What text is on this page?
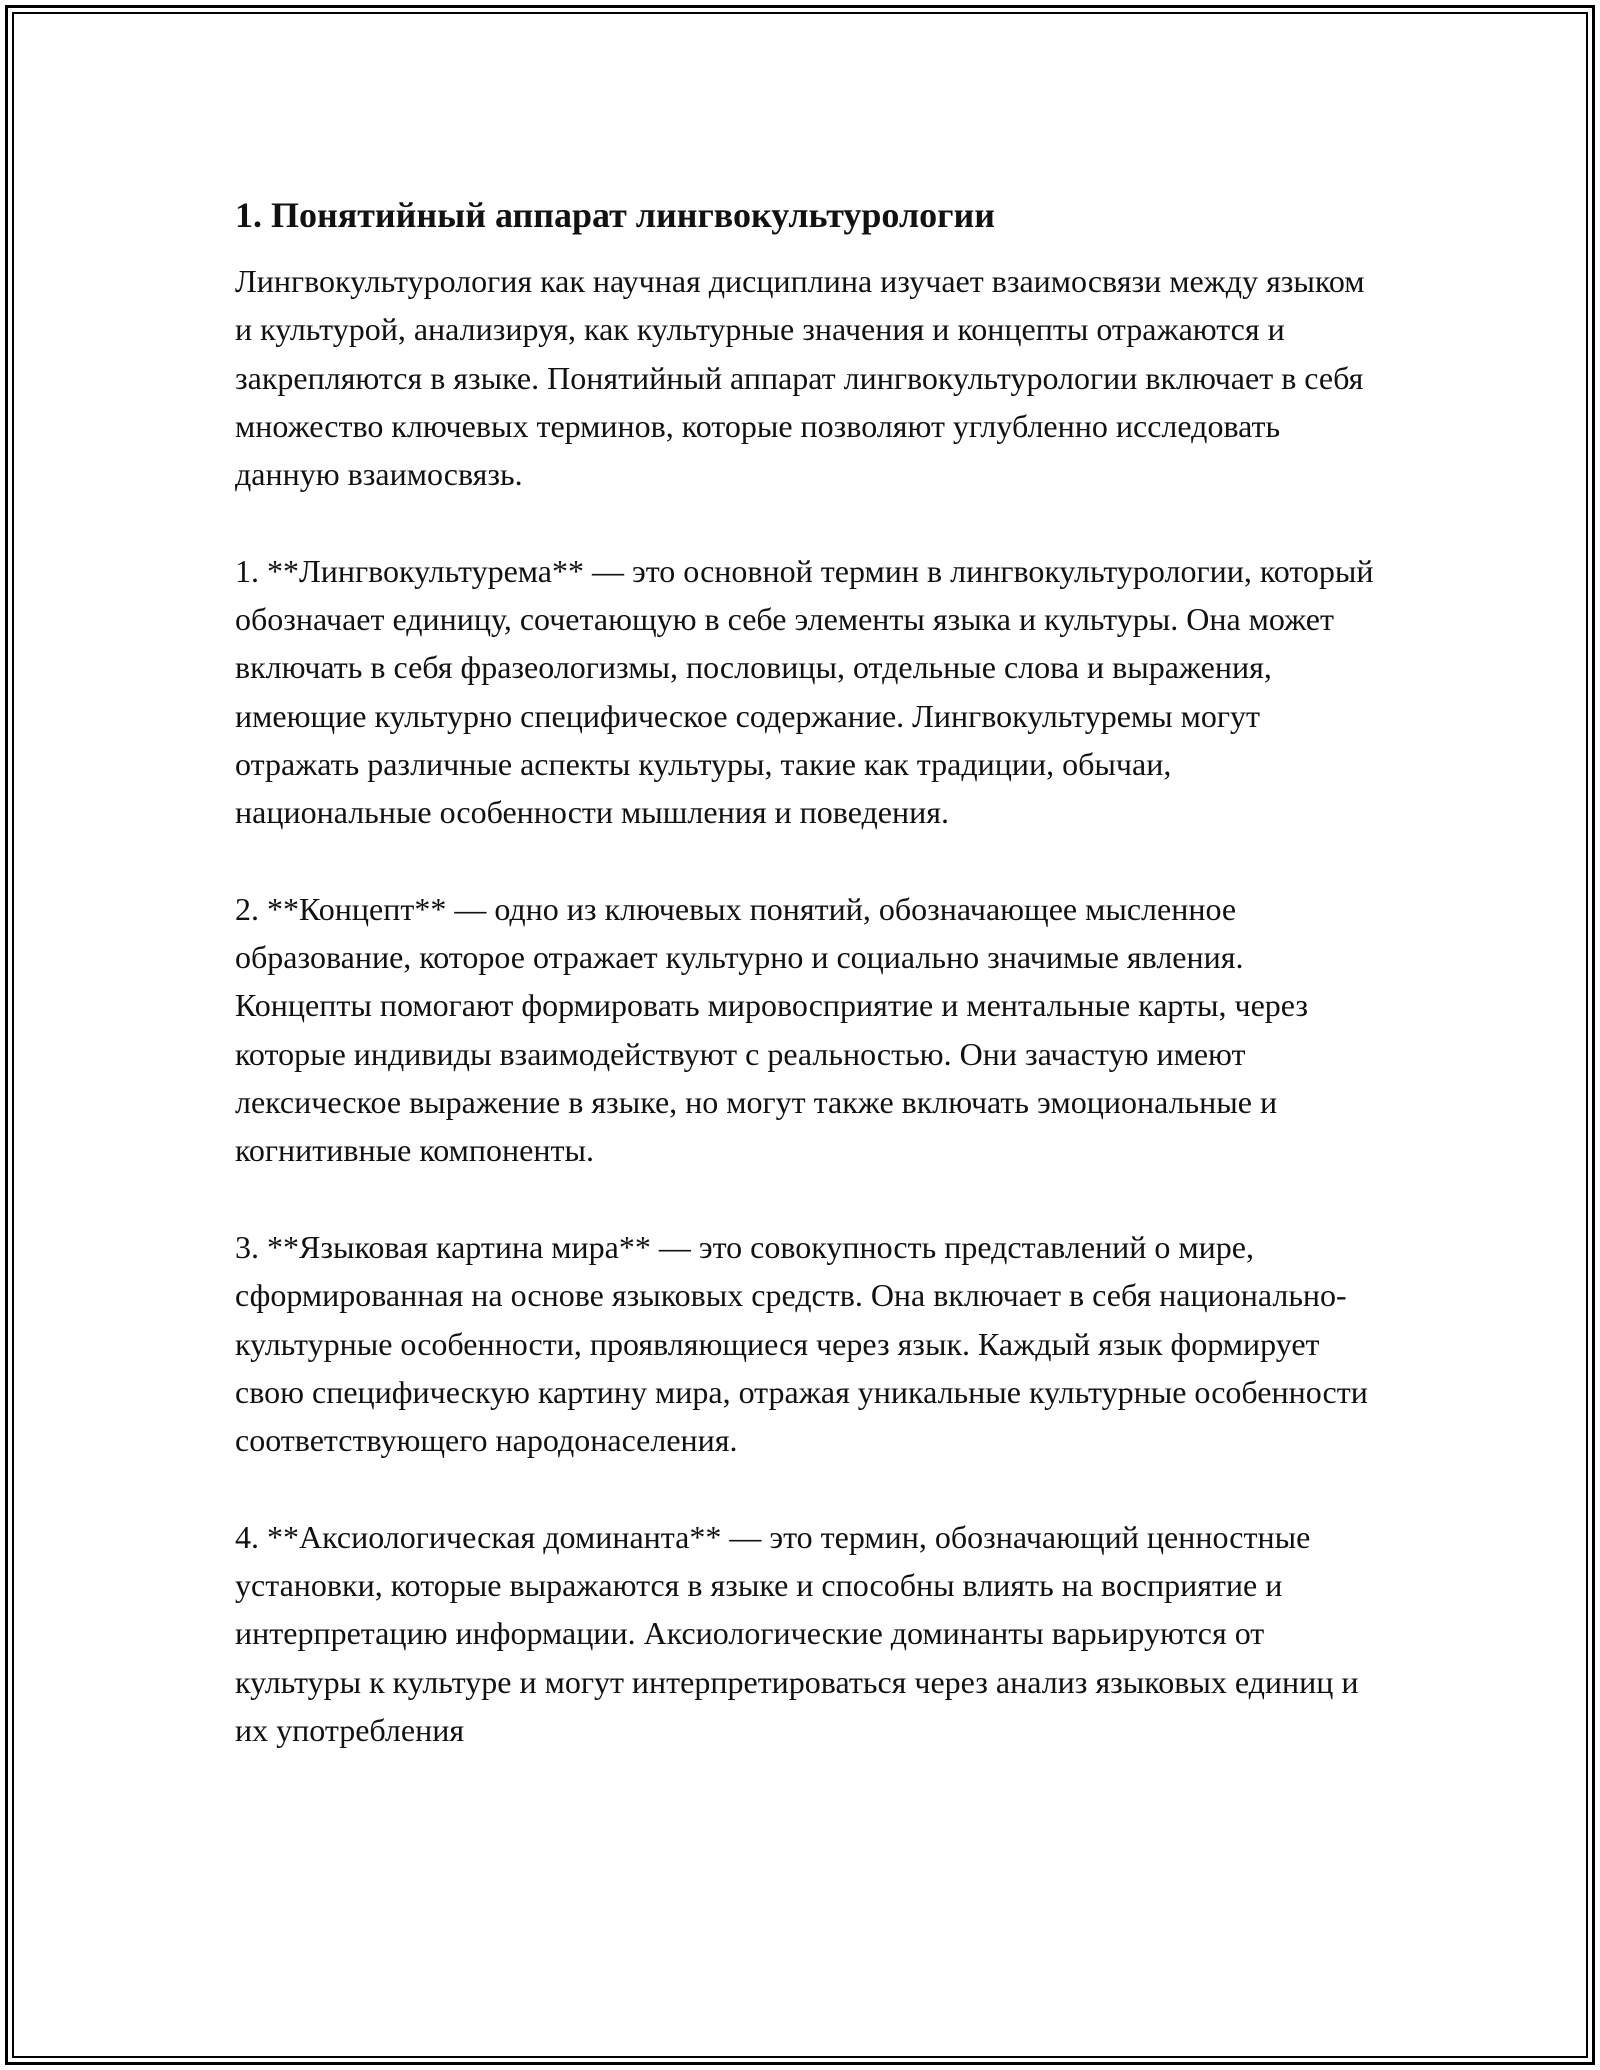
1. Понятийный аппарат лингвокультурологии

Лингвокультурология как научная дисциплина изучает взаимосвязи между языком и культурой, анализируя, как культурные значения и концепты отражаются и закрепляются в языке. Понятийный аппарат лингвокультурологии включает в себя множество ключевых терминов, которые позволяют углубленно исследовать данную взаимосвязь.

1. **Лингвокультурема** — это основной термин в лингвокультурологии, который обозначает единицу, сочетающую в себе элементы языка и культуры. Она может включать в себя фразеологизмы, пословицы, отдельные слова и выражения, имеющие культурно специфическое содержание. Лингвокультуремы могут отражать различные аспекты культуры, такие как традиции, обычаи, национальные особенности мышления и поведения.

2. **Концепт** — одно из ключевых понятий, обозначающее мысленное образование, которое отражает культурно и социально значимые явления. Концепты помогают формировать мировосприятие и ментальные карты, через которые индивиды взаимодействуют с реальностью. Они зачастую имеют лексическое выражение в языке, но могут также включать эмоциональные и когнитивные компоненты.

3. **Языковая картина мира** — это совокупность представлений о мире, сформированная на основе языковых средств. Она включает в себя национально-культурные особенности, проявляющиеся через язык. Каждый язык формирует свою специфическую картину мира, отражая уникальные культурные особенности соответствующего народонаселения.

4. **Аксиологическая доминанта** — это термин, обозначающий ценностные установки, которые выражаются в языке и способны влиять на восприятие и интерпретацию информации. Аксиологические доминанты варьируются от культуры к культуре и могут интерпретироваться через анализ языковых единиц и их употребления
